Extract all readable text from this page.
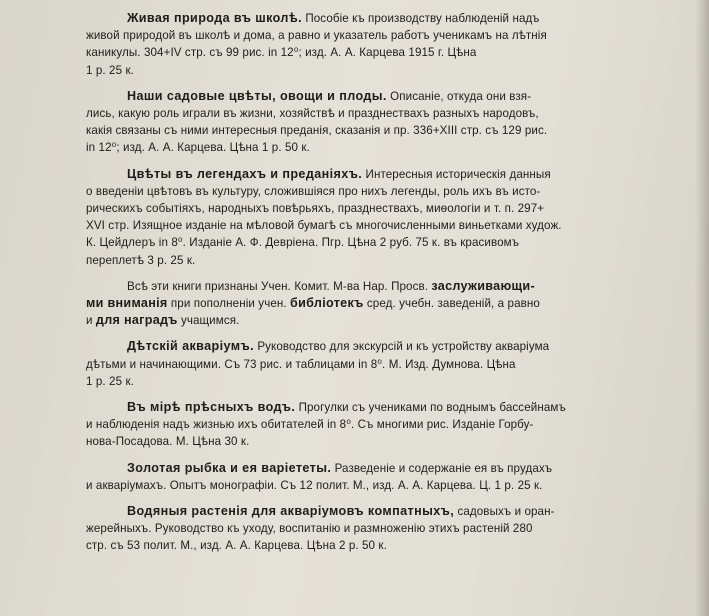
Живая природа въ школѣ. Пособіе къ производству наблюденій надъ
живой природой въ школѣ и дома, а равно и указатель работъ ученикамъ на лѣтнія
каникулы. 304+IV стр. съ 99 рис. in 12⁰; изд. А. А. Карцева 1915 г. Цѣна
1 р. 25 к.

Наши садовые цвѣты, овощи и плоды. Описаніе, откуда они взя-
лись, какую роль играли въ жизни, хозяйствѣ и празднествахъ разныхъ народовъ,
какія связаны съ ними интересныя преданія, сказанія и пр. 336+XIII стр. съ 129 рис.
in 12⁰; изд. А. А. Карцева. Цѣна 1 р. 50 к.

Цвѣты въ легендахъ и преданіяхъ. Интересныя историческія данныя
о введеніи цвѣтовъ въ культуру, сложившіяся про нихъ легенды, роль ихъ въ исто-
рическихъ событіяхъ, народныхъ повѣрьяхъ, празднествахъ, миѳологіи и т. п. 297+
XVI стр. Изящное изданіе на мѣловой бумагѣ съ многочисленными виньетками худож.
К. Цейдлеръ in 8⁰. Изданіе А. Ф. Девріена. Пгр. Цѣна 2 руб. 75 к. въ красивомъ
переплетѣ 3 р. 25 к.

Всѣ эти книги признаны Учен. Комит. М-ва Нар. Просв. заслуживающи-
ми вниманія при пополненіи учен. библіотекъ сред. учебн. заведеній, а равно
и для наградъ учащимся.

Дѣтскій акваріумъ. Руководство для экскурсій и къ устройству акваріума
дѣтьми и начинающими. Съ 73 рис. и таблицами in 8⁰. М. Изд. Думнова. Цѣна
1 р. 25 к.

Въ мірѣ прѣсныхъ водъ. Прогулки съ учениками по воднымъ бассейнамъ
и наблюденія надъ жизнью ихъ обитателей in 8⁰. Съ многими рис. Изданіе Горбу-
нова-Посадова. М. Цѣна 30 к.

Золотая рыбка и ея варіететы. Разведеніе и содержаніе ея въ прудахъ
и акваріумахъ. Опытъ монографіи. Съ 12 полит. М., изд. А. А. Карцева. Ц. 1 р. 25 к.

Водяныя растенія для акваріумовъ компатныхъ, садовыхъ и оран-
жерейныхъ. Руководство къ уходу, воспитанію и размноженію этихъ растеній 280
стр. съ 53 полит. М., изд. А. А. Карцева. Цѣна 2 р. 50 к.
